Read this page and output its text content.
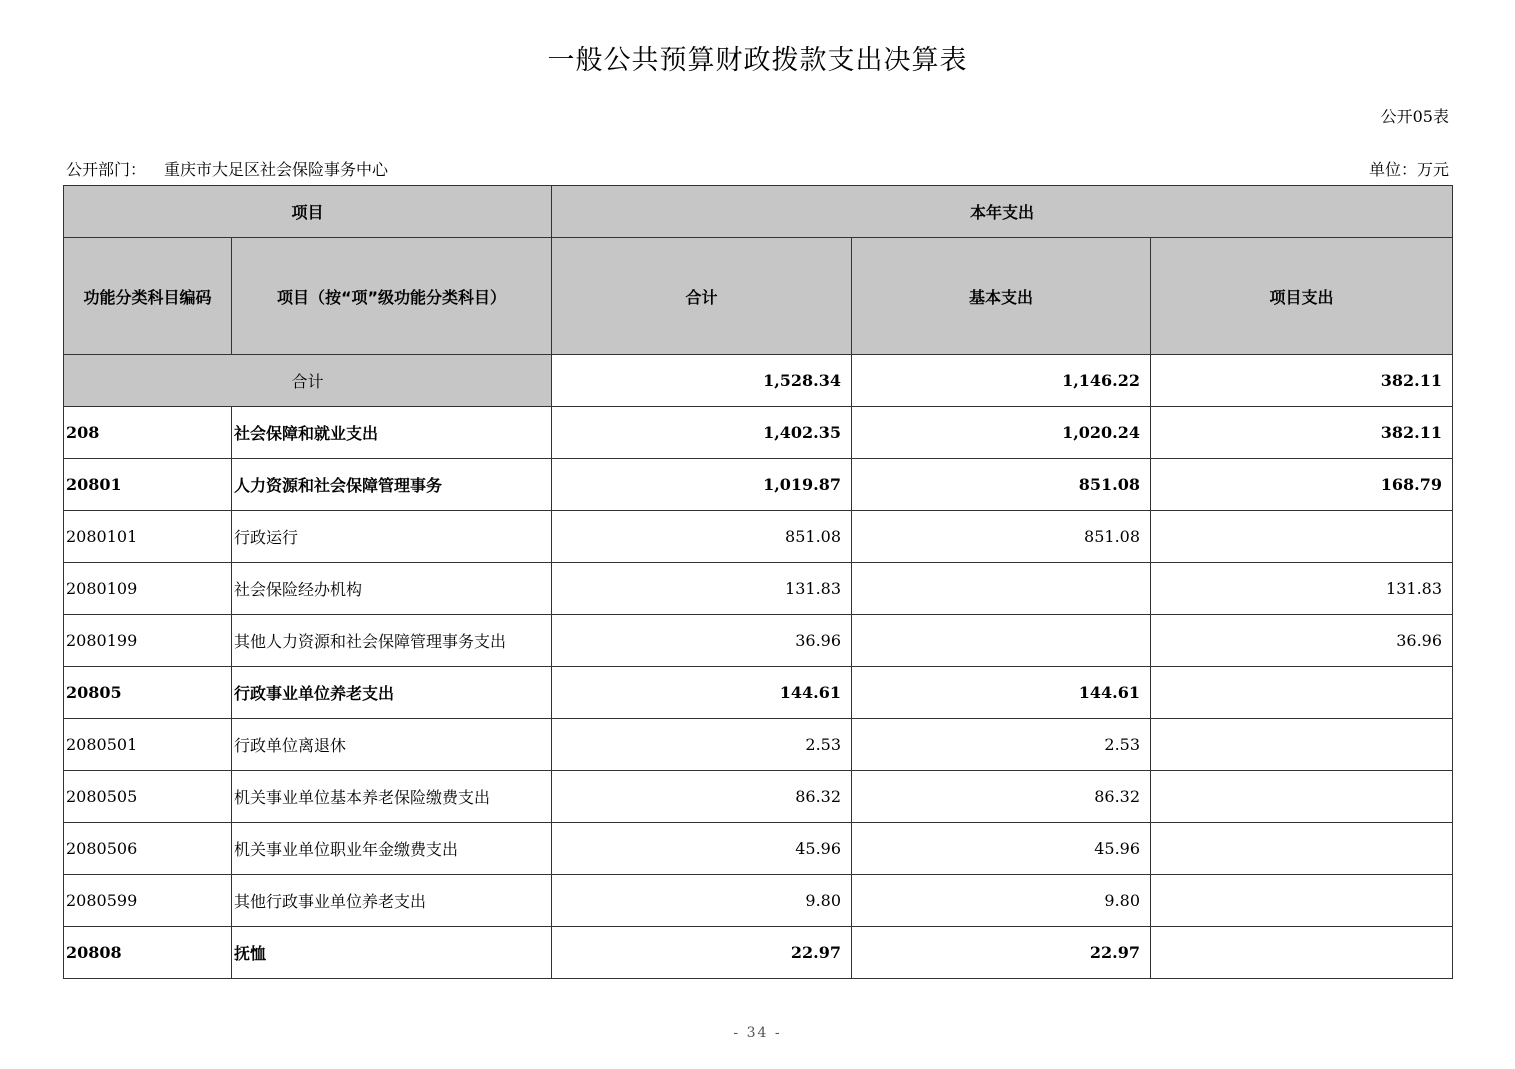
一般公共预算财政拨款支出决算表
公开05表
公开部门： 重庆市大足区社会保险事务中心	单位：万元
项目		本年支出		
功能分类科目编码	项目（按“项”级功能分类科目）	合计	基本支出	项目支出
合计		1,528.34	1,146.22	382.11
208	社会保障和就业支出	1,402.35	1,020.24	382.11
20801	人力资源和社会保障管理事务	1,019.87	851.08	168.79
2080101	行政运行	851.08	851.08	
2080109	社会保险经办机构	131.83		131.83
2080199	其他人力资源和社会保障管理事务支出	36.96		36.96
20805	行政事业单位养老支出	144.61	144.61	
2080501	行政单位离退休	2.53	2.53	
2080505	机关事业单位基本养老保险缴费支出	86.32	86.32	
2080506	机关事业单位职业年金缴费支出	45.96	45.96	
2080599	其他行政事业单位养老支出	9.80	9.80	
20808	抚恤	22.97	22.97	
- 34 -
